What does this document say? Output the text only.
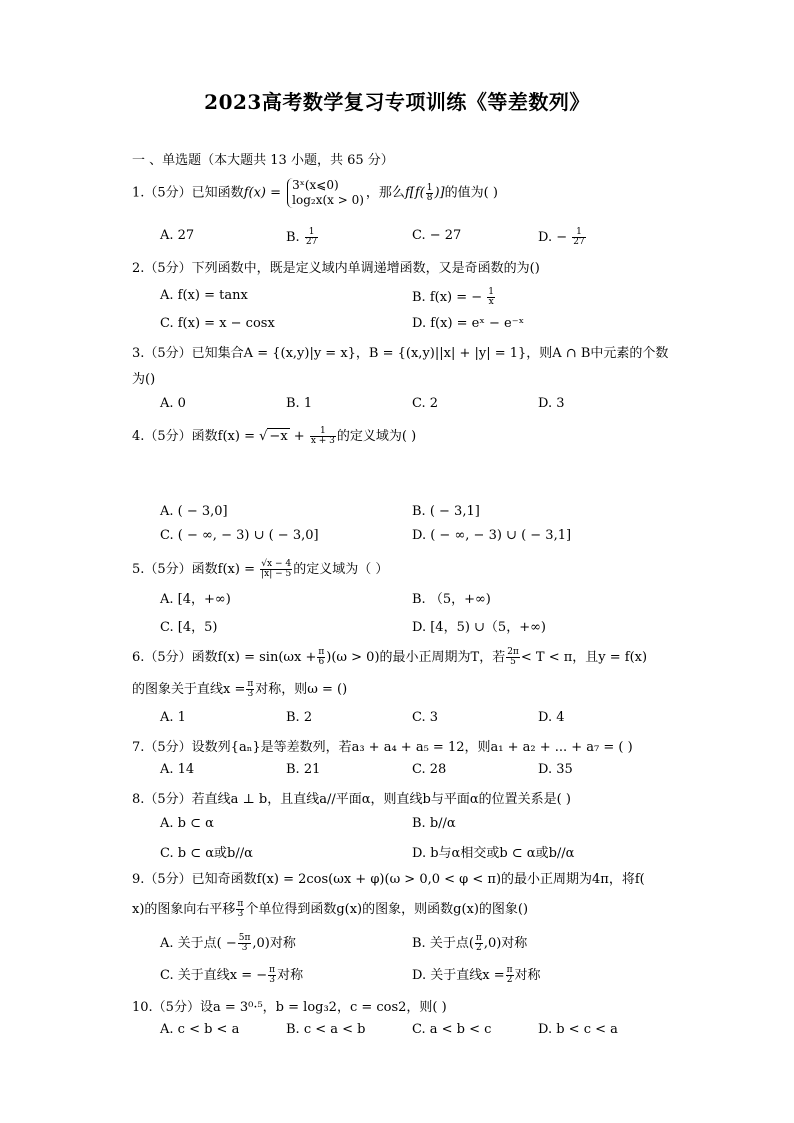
2023高考数学复习专项训练《等差数列》
一 、单选题（本大题共 13 小题，共 65 分）
1.（5分）已知函数f(x) =
3ˣ(x⩽0)
log₂x(x > 0) ，那么$f[f( \frac{1}{8}$ )]的值为( )
A. 27	B. $\frac{1}{27}$	C. − 27	D. − $\frac{1}{27}$
2.（5分）下列函数中，既是定义域内单调递增函数，又是奇函数的为()
A. f(x) = tanx	B. f(x) = − $\frac{1}{x}$
C. f(x) = x − cosx	D. f(x) = eˣ − e⁻ˣ
3.（5分）已知集合A = {(x,y)|y = x}，B = {(x,y)||x| + |y| = 1}，则A ∩ B中元素的个数
为()
A. 0	B. 1	C. 2	D. 3
4.（5分）函数f(x) = √ $-x + \frac{1}{x + 3}$ 的定义域为( )
A. ( − 3,0]	B. ( − 3,1]
C. ( − ∞, − 3) ∪ ( − 3,0]	D. ( − ∞, − 3) ∪ ( − 3,1]
5.（5分）函数$f(x) = \frac{√x - 4}{|x| - 5}$ 的定义域为（ ）
A. [4，+∞)	B. （5，+∞)
C. [4，5)	D. [4，5) ∪（5，+∞)
6.（5分）函数$f(x) = \sin(\omega x + \frac{\pi}{6} )(\omega > 0)$的最小正周期为T，若 $\frac{2\pi}{5} < T < \pi$，且y = f(x)
的图象关于直线$x = \frac{\pi}{3}$ 对称，则ω = ()
A. 1	B. 2	C. 3	D. 4
7.（5分）设数列{aₙ}是等差数列，若a₃ + a₄ + a₅ = 12，则a₁ + a₂ + ... + a₇ = ( )
A. 14	B. 21	C. 28	D. 35
8.（5分）若直线a ⊥ b，且直线a//平面α，则直线b与平面α的位置关系是( )
A. b ⊂ α	B. b//α
C. b ⊂ α或b//α	D. b与α相交或b ⊂ α或b//α
9.（5分）已知奇函数f(x) = 2cos(ωx + φ)(ω > 0,0 < φ < π)的最小正周期为4π，将f(
x)的图象向右平移 $\frac{\pi}{3}$ 个单位得到函数g(x)的图象，则函数g(x)的图象()
A. 关于点( − $\frac{5\pi}{3} ,0$)对称	B. 关于点( $\frac{\pi}{2} ,0$)对称
C. 关于直线x = − $\frac{\pi}{3}$ 对称	D. 关于直线$x = \frac{\pi}{2}$ 对称
10.（5分）设a = 3⁰·⁵，b = log₃2，c = cos2，则( )
A. c < b < a	B. c < a < b	C. a < b < c	D. b < c < a
